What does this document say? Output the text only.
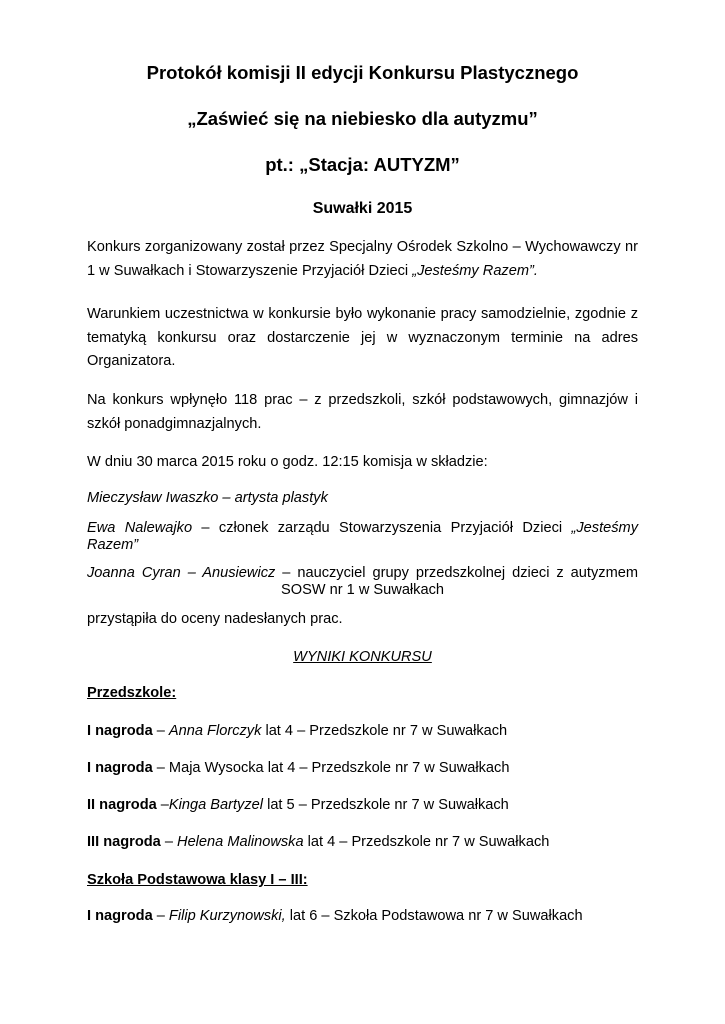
Protokół komisji II edycji Konkursu Plastycznego
„Zaświeć się na niebiesko dla autyzmu”
pt.: „Stacja: AUTYZM”
Suwałki 2015
Konkurs zorganizowany został przez Specjalny Ośrodek Szkolno – Wychowawczy nr 1 w Suwałkach i Stowarzyszenie Przyjaciół Dzieci „Jesteśmy Razem”.
Warunkiem uczestnictwa w konkursie było wykonanie pracy samodzielnie, zgodnie z tematyką konkursu oraz dostarczenie jej w wyznaczonym terminie na adres Organizatora.
Na konkurs wpłynęło 118 prac – z przedszkoli, szkół podstawowych, gimnazjów i szkół ponadgimnazjalnych.
W dniu 30 marca 2015 roku o godz. 12:15 komisja w składzie:
Mieczysław Iwaszko – artysta plastyk
Ewa Nalewajko – członek zarządu Stowarzyszenia Przyjaciół Dzieci „Jesteśmy
Razem”
Joanna Cyran – Anusiewicz – nauczyciel grupy przedszkolnej dzieci z autyzmem
SOSW nr 1 w Suwałkach
przystąpiła do oceny nadesłanych prac.
WYNIKI KONKURSU
Przedszkole:
I nagroda – Anna Florczyk lat 4 – Przedszkole nr 7 w Suwałkach
I nagroda – Maja Wysocka lat 4 – Przedszkole nr 7 w Suwałkach
II nagroda –Kinga Bartyzel lat 5 – Przedszkole nr 7 w Suwałkach
III nagroda – Helena Malinowska lat 4 – Przedszkole nr 7 w Suwałkach
Szkoła Podstawowa klasy I – III:
I nagroda – Filip Kurzynowski, lat 6 – Szkoła Podstawowa nr 7 w Suwałkach
